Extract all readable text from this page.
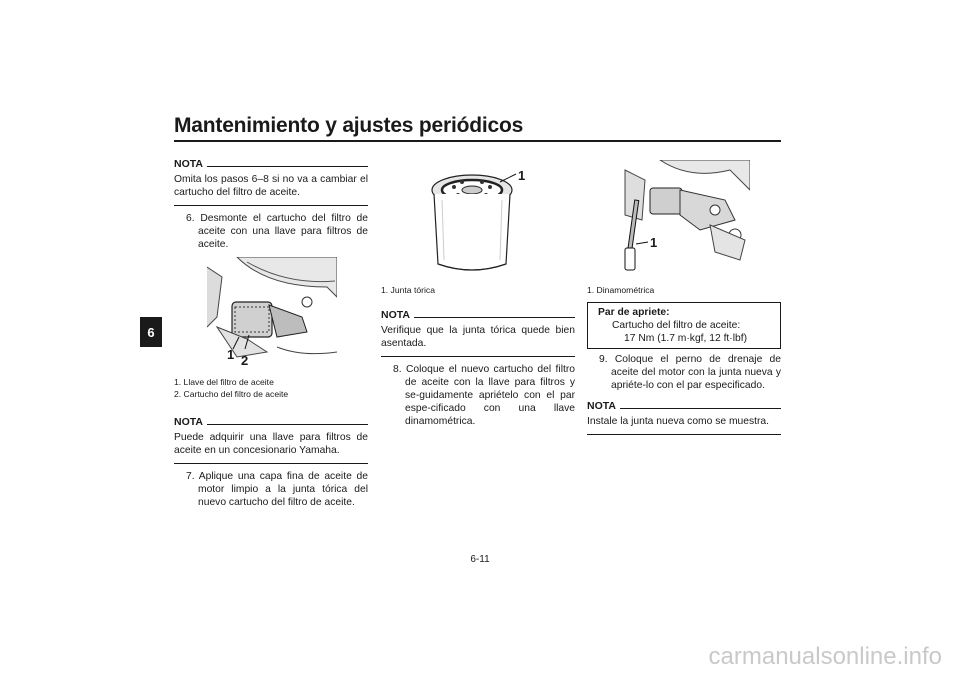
Mantenimiento y ajustes periódicos
6
NOTA
Omita los pasos 6–8 si no va a cambiar el cartucho del filtro de aceite.
6. Desmonte el cartucho del filtro de aceite con una llave para filtros de aceite.
1 2
1. Llave del filtro de aceite
2. Cartucho del filtro de aceite
NOTA
Puede adquirir una llave para filtros de aceite en un concesionario Yamaha.
7. Aplique una capa fina de aceite de motor limpio a la junta tórica del nuevo cartucho del filtro de aceite.
1
1. Junta tórica
NOTA
Verifique que la junta tórica quede bien asentada.
8. Coloque el nuevo cartucho del filtro de aceite con la llave para filtros y se-guidamente apriételo con el par espe-cificado con una llave dinamométrica.
1
1. Dinamométrica
Par de apriete:
Cartucho del filtro de aceite:
17 Nm (1.7 m·kgf, 12 ft·lbf)
9. Coloque el perno de drenaje de aceite del motor con la junta nueva y apriéte-lo con el par especificado.
NOTA
Instale la junta nueva como se muestra.
6-11
carmanualsonline.info
